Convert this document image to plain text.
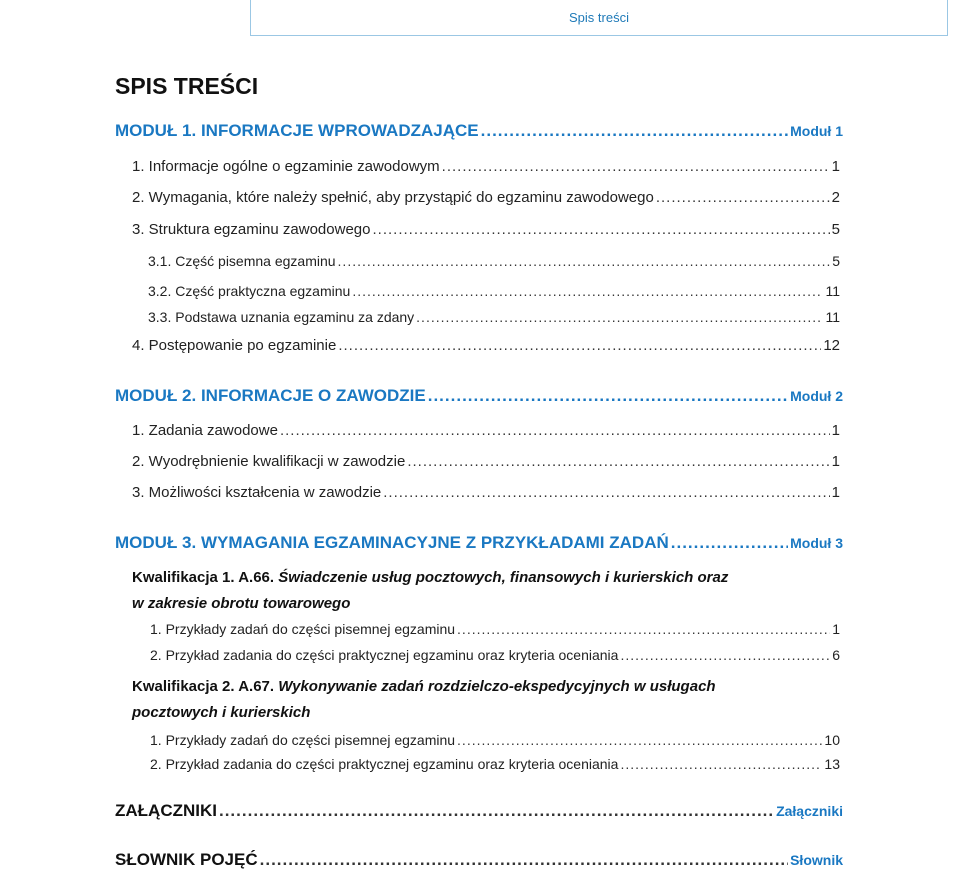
Spis treści
SPIS TREŚCI
MODUŁ 1. INFORMACJE WPROWADZAJĄCE .....	Moduł 1
1. Informacje ogólne o egzaminie zawodowym .....	1
2. Wymagania, które należy spełnić, aby przystąpić do egzaminu zawodowego .....	2
3. Struktura egzaminu zawodowego .....	5
3.1. Część pisemna egzaminu .....	5
3.2. Część praktyczna egzaminu .....	11
3.3. Podstawa uznania egzaminu za zdany .....	11
4. Postępowanie po egzaminie .....	12
MODUŁ 2. INFORMACJE O ZAWODZIE .....	Moduł 2
1. Zadania zawodowe .....	1
2. Wyodrębnienie kwalifikacji w zawodzie .....	1
3. Możliwości kształcenia w zawodzie .....	1
MODUŁ 3. WYMAGANIA EGZAMINACYJNE Z PRZYKŁADAMI ZADAŃ .....	Moduł 3
Kwalifikacja 1. A.66. Świadczenie usług pocztowych, finansowych i kurierskich oraz
w zakresie obrotu towarowego
1. Przykłady zadań do części pisemnej egzaminu .....	1
2. Przykład zadania do części praktycznej egzaminu oraz kryteria oceniania .....	6
Kwalifikacja 2. A.67. Wykonywanie zadań rozdzielczo-ekspedycyjnych w usługach
pocztowych i kurierskich
1. Przykłady zadań do części pisemnej egzaminu .....	10
2. Przykład zadania do części praktycznej egzaminu oraz kryteria oceniania .....	13
ZAŁĄCZNIKI .....	Załączniki
SŁOWNIK POJĘĆ .....	Słownik
